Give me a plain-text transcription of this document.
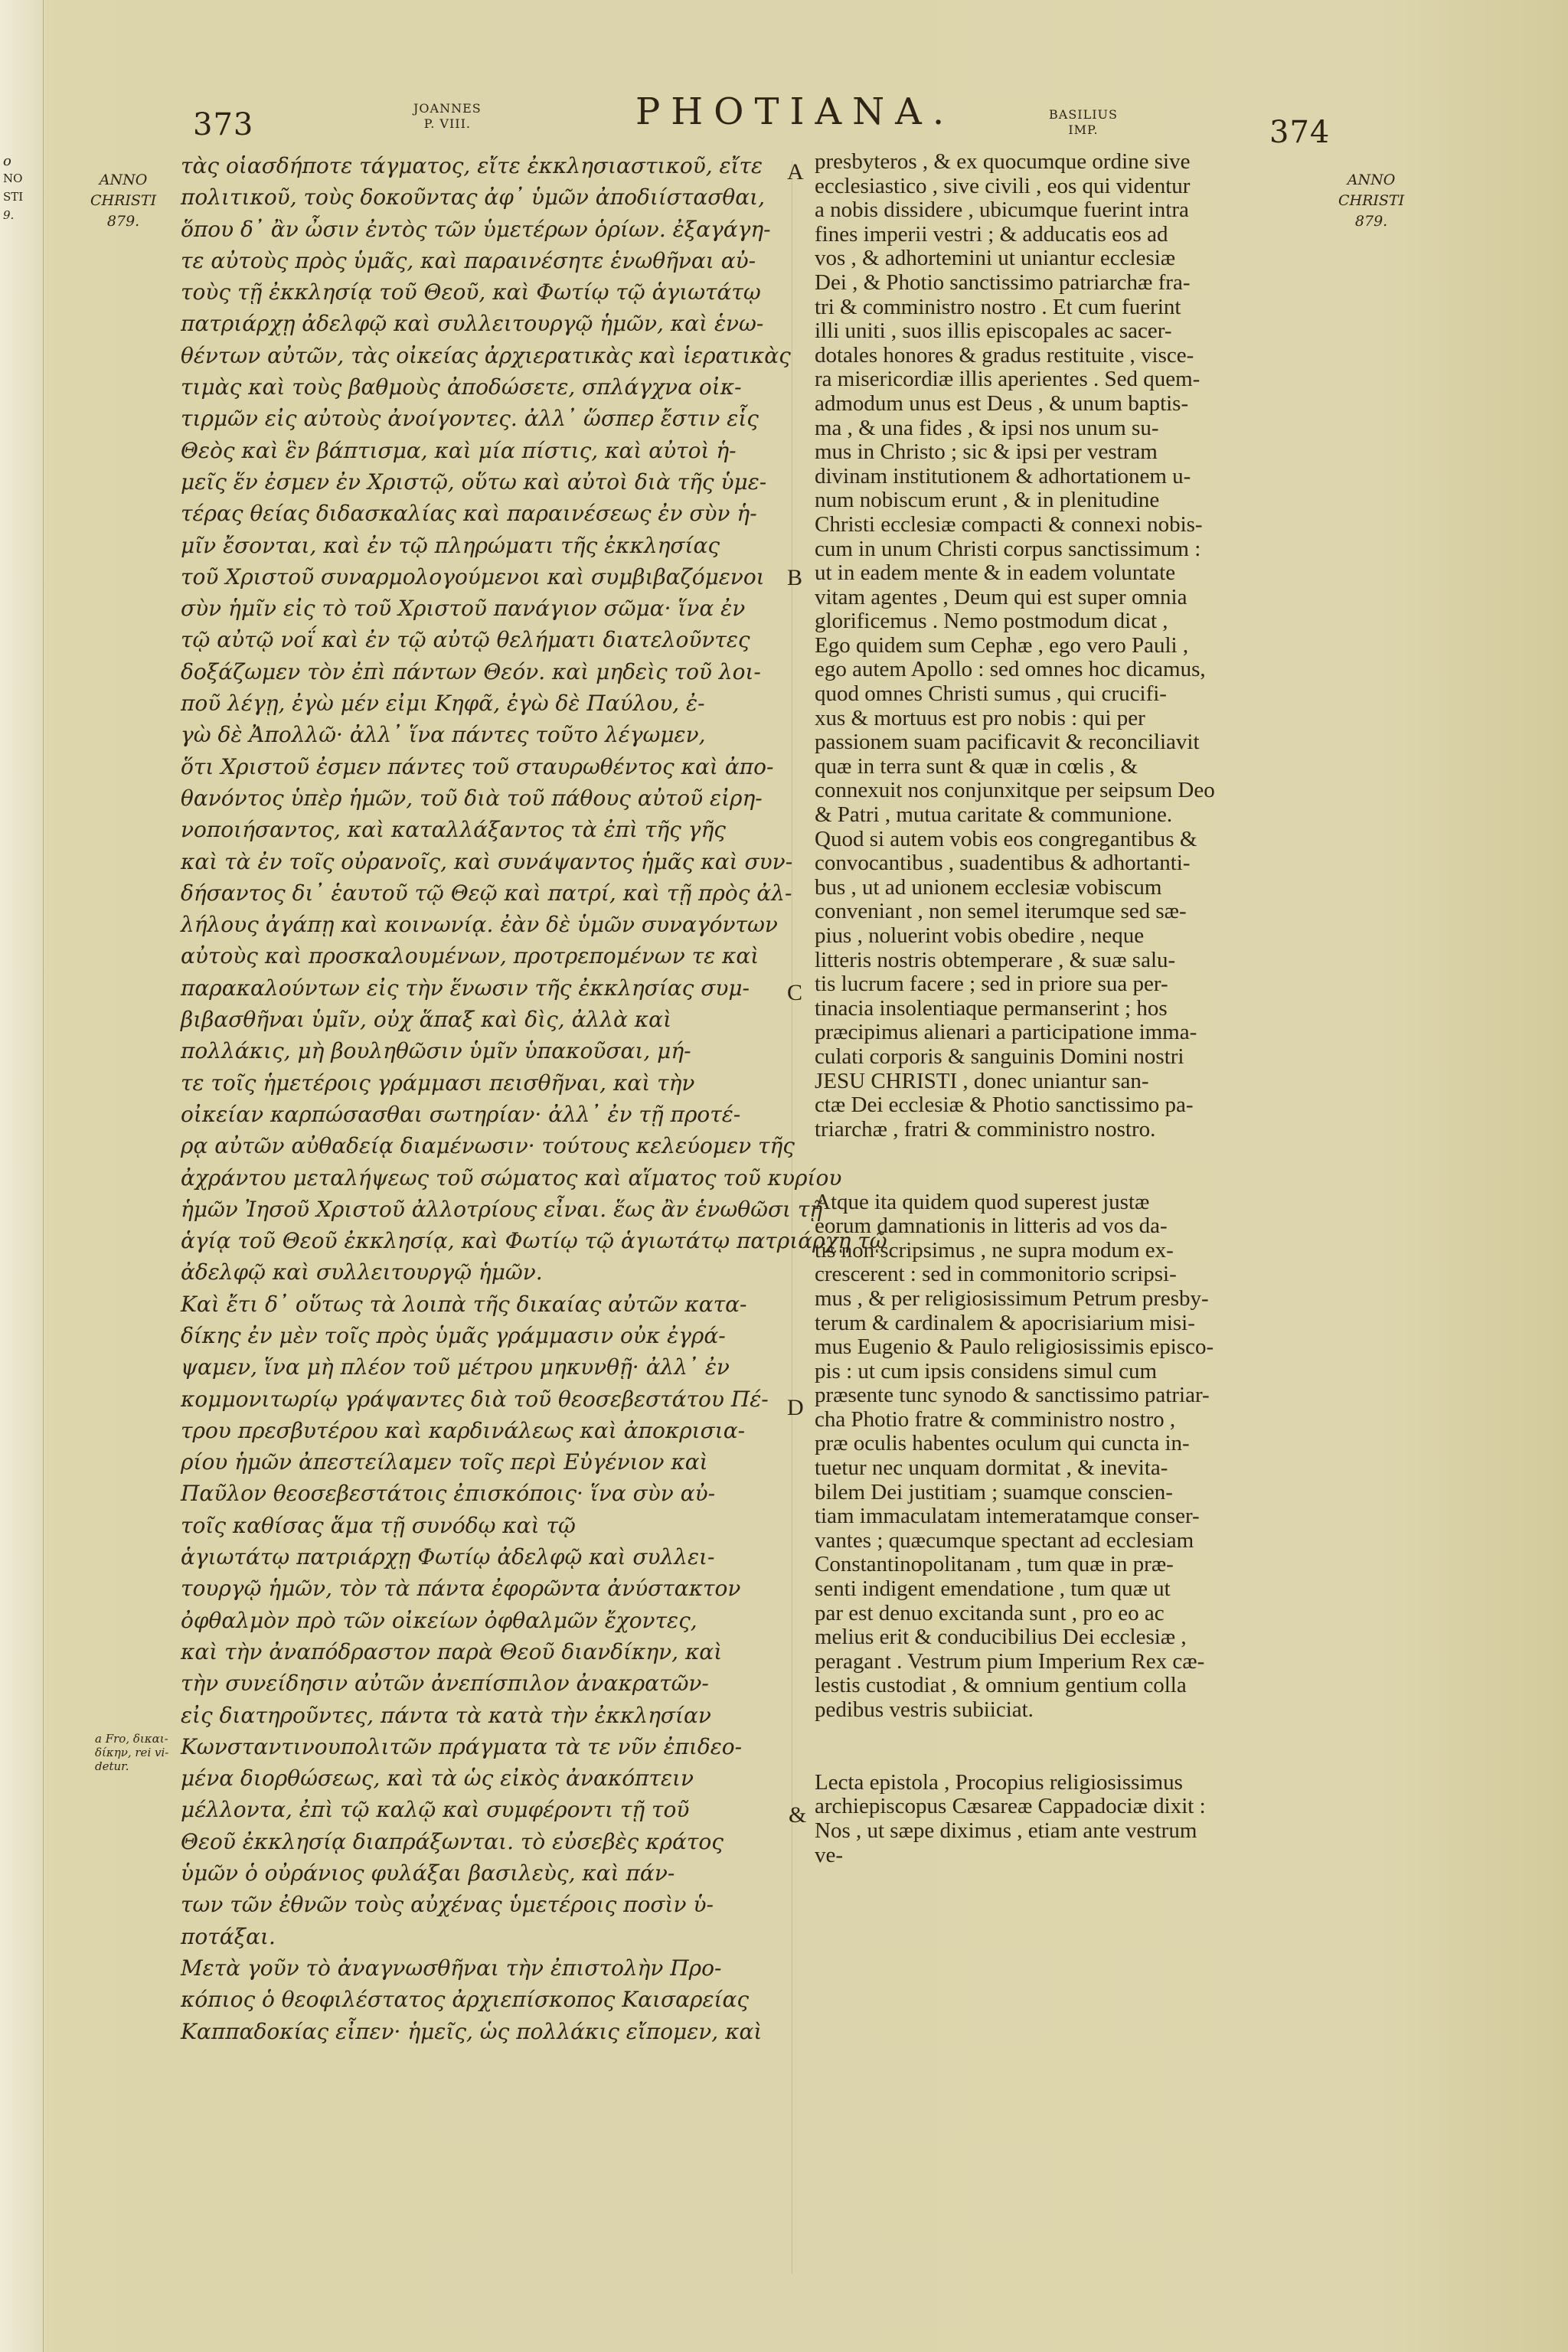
o
NO
STI
9.
373	JOANNES
P. VIII.	PHOTIANA.	BASILIUS
IMP.	374
ANNO
CHRISTI
879.
ANNO
CHRISTI
879.
a Fro, δικαι-
δίκην, rei vi-
detur.
A
B
C
D
&
τὰς οἱασδήποτε τάγματος, εἴτε ἐκκλησιαστικοῦ, εἴτε
πολιτικοῦ, τοὺς δοκοῦντας ἀφ᾽ ὑμῶν ἀποδιίστασθαι,
ὅπου δ᾽ ἂν ὦσιν ἐντὸς τῶν ὑμετέρων ὁρίων. ἐξαγάγη-
τε αὐτοὺς πρὸς ὑμᾶς, καὶ παραινέσητε ἑνωθῆναι αὐ-
τοὺς τῇ ἐκκλησίᾳ τοῦ Θεοῦ, καὶ Φωτίῳ τῷ ἁγιωτάτῳ
πατριάρχῃ ἀδελφῷ καὶ συλλειτουργῷ ἡμῶν, καὶ ἑνω-
θέντων αὐτῶν, τὰς οἰκείας ἀρχιερατικὰς καὶ ἱερατικὰς
τιμὰς καὶ τοὺς βαθμοὺς ἀποδώσετε, σπλάγχνα οἰκ-
τιρμῶν εἰς αὐτοὺς ἀνοίγοντες. ἀλλ᾽ ὥσπερ ἔστιν εἷς
Θεὸς καὶ ἓν βάπτισμα, καὶ μία πίστις, καὶ αὐτοὶ ἡ-
μεῖς ἕν ἐσμεν ἐν Χριστῷ, οὕτω καὶ αὐτοὶ διὰ τῆς ὑμε-
τέρας θείας διδασκαλίας καὶ παραινέσεως ἐν σὺν ἡ-
μῖν ἔσονται, καὶ ἐν τῷ πληρώματι τῆς ἐκκλησίας
τοῦ Χριστοῦ συναρμολογούμενοι καὶ συμβιβαζόμενοι
σὺν ἡμῖν εἰς τὸ τοῦ Χριστοῦ πανάγιον σῶμα· ἵνα ἐν
τῷ αὐτῷ νοΐ καὶ ἐν τῷ αὐτῷ θελήματι διατελοῦντες
δοξάζωμεν τὸν ἐπὶ πάντων Θεόν. καὶ μηδεὶς τοῦ λοι-
ποῦ λέγῃ, ἐγὼ μέν εἰμι Κηφᾶ, ἐγὼ δὲ Παύλου, ἐ-
γὼ δὲ Ἀπολλῶ· ἀλλ᾽ ἵνα πάντες τοῦτο λέγωμεν,
ὅτι Χριστοῦ ἐσμεν πάντες τοῦ σταυρωθέντος καὶ ἀπο-
θανόντος ὑπὲρ ἡμῶν, τοῦ διὰ τοῦ πάθους αὐτοῦ εἰρη-
νοποιήσαντος, καὶ καταλλάξαντος τὰ ἐπὶ τῆς γῆς
καὶ τὰ ἐν τοῖς οὐρανοῖς, καὶ συνάψαντος ἡμᾶς καὶ συν-
δήσαντος δι᾽ ἑαυτοῦ τῷ Θεῷ καὶ πατρί, καὶ τῇ πρὸς ἀλ-
λήλους ἀγάπῃ καὶ κοινωνίᾳ. ἐὰν δὲ ὑμῶν συναγόντων
αὐτοὺς καὶ προσκαλουμένων, προτρεπομένων τε καὶ
παρακαλούντων εἰς τὴν ἕνωσιν τῆς ἐκκλησίας συμ-
βιβασθῆναι ὑμῖν, οὐχ ἅπαξ καὶ δὶς, ἀλλὰ καὶ
πολλάκις, μὴ βουληθῶσιν ὑμῖν ὑπακοῦσαι, μή-
τε τοῖς ἡμετέροις γράμμασι πεισθῆναι, καὶ τὴν
οἰκείαν καρπώσασθαι σωτηρίαν· ἀλλ᾽ ἐν τῇ προτέ-
ρᾳ αὐτῶν αὐθαδείᾳ διαμένωσιν· τούτους κελεύομεν τῆς
ἀχράντου μεταλήψεως τοῦ σώματος καὶ αἵματος τοῦ κυρίου
ἡμῶν Ἰησοῦ Χριστοῦ ἀλλοτρίους εἶναι. ἕως ἂν ἑνωθῶσι τῇ
ἁγίᾳ τοῦ Θεοῦ ἐκκλησίᾳ, καὶ Φωτίῳ τῷ ἁγιωτάτῳ πατριάρχῃ τῷ
ἀδελφῷ καὶ συλλειτουργῷ ἡμῶν.
Καὶ ἔτι δ᾽ οὕτως τὰ λοιπὰ τῆς δικαίας αὐτῶν κατα-
δίκης ἐν μὲν τοῖς πρὸς ὑμᾶς γράμμασιν οὐκ ἐγρά-
ψαμεν, ἵνα μὴ πλέον τοῦ μέτρου μηκυνθῇ· ἀλλ᾽ ἐν
κομμονιτωρίῳ γράψαντες διὰ τοῦ θεοσεβεστάτου Πέ-
τρου πρεσβυτέρου καὶ καρδινάλεως καὶ ἀποκρισια-
ρίου ἡμῶν ἀπεστείλαμεν τοῖς περὶ Εὐγένιον καὶ
Παῦλον θεοσεβεστάτοις ἐπισκόποις· ἵνα σὺν αὐ-
τοῖς καθίσας ἅμα τῇ συνόδῳ καὶ τῷ
ἁγιωτάτῳ πατριάρχῃ Φωτίῳ ἀδελφῷ καὶ συλλει-
τουργῷ ἡμῶν, τὸν τὰ πάντα ἐφορῶντα ἀνύστακτον
ὀφθαλμὸν πρὸ τῶν οἰκείων ὀφθαλμῶν ἔχοντες,
καὶ τὴν ἀναπόδραστον παρὰ Θεοῦ διανδίκην, καὶ
τὴν συνείδησιν αὐτῶν ἀνεπίσπιλον ἀνακρατῶν-
εἰς διατηροῦντες, πάντα τὰ κατὰ τὴν ἐκκλησίαν
Κωνσταντινουπολιτῶν πράγματα τὰ τε νῦν ἐπιδεο-
μένα διορθώσεως, καὶ τὰ ὡς εἰκὸς ἀνακόπτειν
μέλλοντα, ἐπὶ τῷ καλῷ καὶ συμφέροντι τῇ τοῦ
Θεοῦ ἐκκλησίᾳ διαπράξωνται. τὸ εὐσεβὲς κράτος
ὑμῶν ὁ οὐράνιος φυλάξαι βασιλεὺς, καὶ πάν-
των τῶν ἐθνῶν τοὺς αὐχένας ὑμετέροις ποσὶν ὑ-
ποτάξαι.
Μετὰ γοῦν τὸ ἀναγνωσθῆναι τὴν ἐπιστολὴν Προ-
κόπιος ὁ θεοφιλέστατος ἀρχιεπίσκοπος Καισαρείας
Καππαδοκίας εἶπεν· ἡμεῖς, ὡς πολλάκις εἴπομεν, καὶ
presbyteros , & ex quocumque ordine sive
ecclesiastico , sive civili , eos qui videntur
a nobis dissidere , ubicumque fuerint intra
fines imperii vestri ; & adducatis eos ad
vos , & adhortemini ut uniantur ecclesiæ
Dei , & Photio sanctissimo patriarchæ fra-
tri & comministro nostro . Et cum fuerint
illi uniti , suos illis episcopales ac sacer-
dotales honores & gradus restituite , visce-
ra misericordiæ illis aperientes . Sed quem-
admodum unus est Deus , & unum baptis-
ma , & una fides , & ipsi nos unum su-
mus in Christo ; sic & ipsi per vestram
divinam institutionem & adhortationem u-
num nobiscum erunt , & in plenitudine
Christi ecclesiæ compacti & connexi nobis-
cum in unum Christi corpus sanctissimum :
ut in eadem mente & in eadem voluntate
vitam agentes , Deum qui est super omnia
glorificemus . Nemo postmodum dicat ,
Ego quidem sum Cephæ , ego vero Pauli ,
ego autem Apollo : sed omnes hoc dicamus,
quod omnes Christi sumus , qui crucifi-
xus & mortuus est pro nobis : qui per
passionem suam pacificavit & reconciliavit
quæ in terra sunt & quæ in cœlis , &
connexuit nos conjunxitque per seipsum Deo
& Patri , mutua caritate & communione.
Quod si autem vobis eos congregantibus &
convocantibus , suadentibus & adhortanti-
bus , ut ad unionem ecclesiæ vobiscum
conveniant , non semel iterumque sed sæ-
pius , noluerint vobis obedire , neque
litteris nostris obtemperare , & suæ salu-
tis lucrum facere ; sed in priore sua per-
tinacia insolentiaque permanserint ; hos
præcipimus alienari a participatione imma-
culati corporis & sanguinis Domini nostri
JESU CHRISTI , donec uniantur san-
ctæ Dei ecclesiæ & Photio sanctissimo pa-
triarchæ , fratri & comministro nostro.
Atque ita quidem quod superest justæ
eorum damnationis in litteris ad vos da-
tis non scripsimus , ne supra modum ex-
crescerent : sed in commonitorio scripsi-
mus , & per religiosissimum Petrum presby-
terum & cardinalem & apocrisiarium misi-
mus Eugenio & Paulo religiosissimis episco-
pis : ut cum ipsis considens simul cum
præsente tunc synodo & sanctissimo patriar-
cha Photio fratre & comministro nostro ,
præ oculis habentes oculum qui cuncta in-
tuetur nec unquam dormitat , & inevita-
bilem Dei justitiam ; suamque conscien-
tiam immaculatam intemeratamque conser-
vantes ; quæcumque spectant ad ecclesiam
Constantinopolitanam , tum quæ in præ-
senti indigent emendatione , tum quæ ut
par est denuo excitanda sunt , pro eo ac
melius erit & conducibilius Dei ecclesiæ ,
peragant . Vestrum pium Imperium Rex cæ-
lestis custodiat , & omnium gentium colla
pedibus vestris subiiciat.
Lecta epistola , Procopius religiosissimus
archiepiscopus Cæsareæ Cappadociæ dixit :
Nos , ut sæpe diximus , etiam ante vestrum
ve-
